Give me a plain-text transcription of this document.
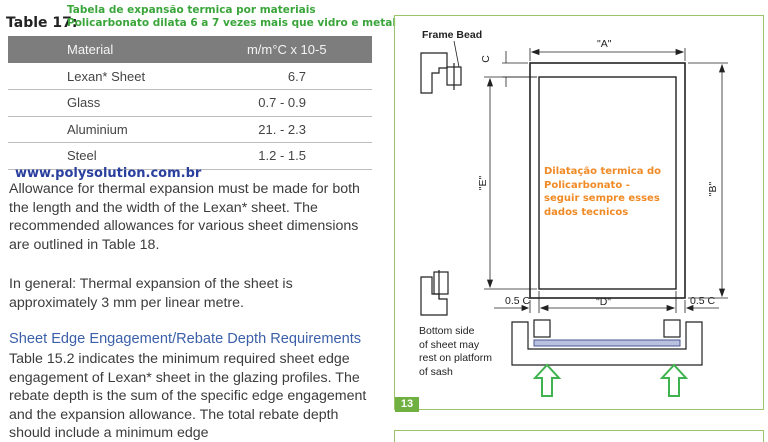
Table 17:
Tabela de expansão termica por materiais
Policarbonato dilata 6 a 7 vezes mais que vidro e metal
Material	m/m°C x 10-5
Lexan* Sheet	6.7
Glass	0.7 - 0.9
Aluminium	21. - 2.3
Steel	1.2 - 1.5
www.polysolution.com.br
Allowance for thermal expansion must be made for both the length and the width of the Lexan* sheet. The recommended allowances for various sheet dimensions are outlined in Table 18.
In general: Thermal expansion of the sheet is approximately 3 mm per linear metre.
Sheet Edge Engagement/Rebate Depth Requirements
Table 15.2 indicates the minimum required sheet edge engagement of Lexan* sheet in the glazing profiles. The rebate depth is the sum of the specific edge engagement and the expansion allowance. The total rebate depth should include a minimum edge
Frame Bead
"A"
"B"
"E"
C
"D"
0.5 C	0.5 C
Dilatação termica do
Policarbonato -
seguir sempre esses
dados tecnicos
Bottom side
of sheet may
rest on platform
of sash
13
